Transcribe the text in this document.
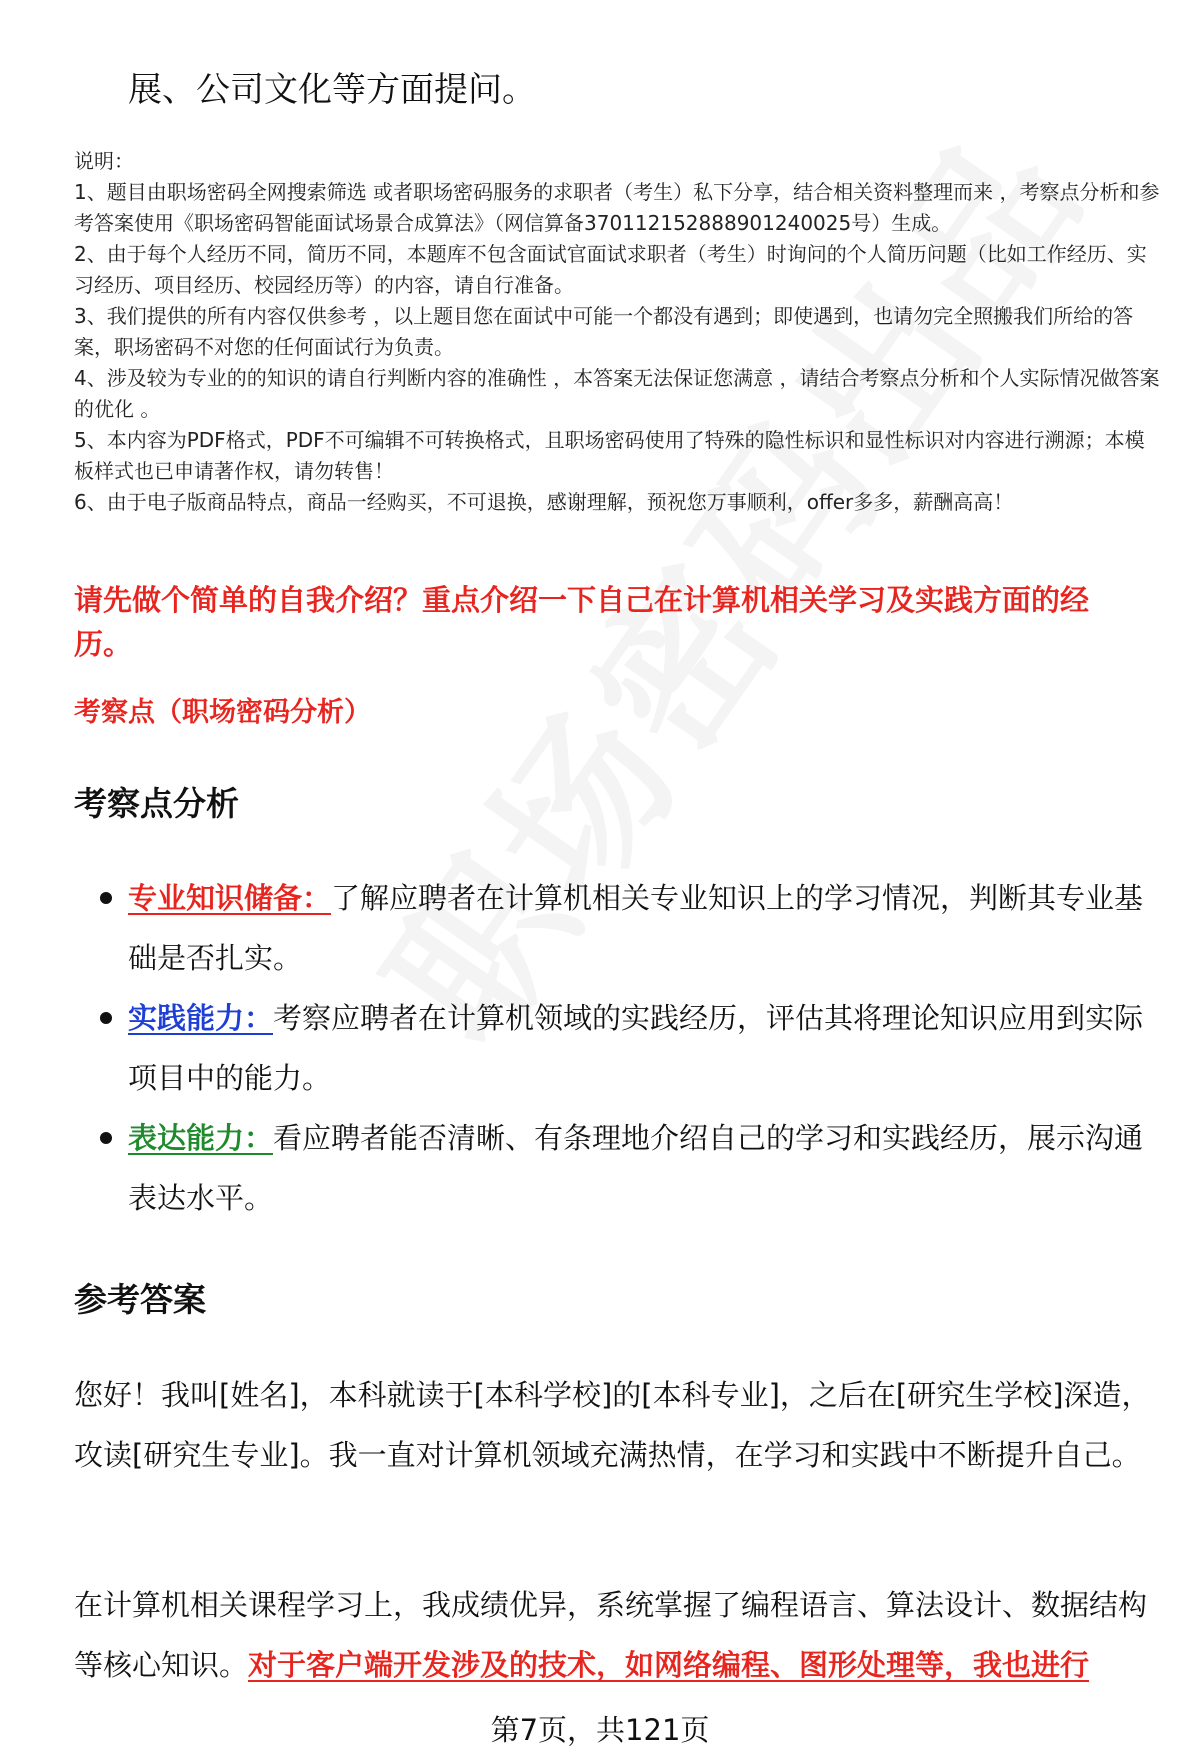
展、公司文化等方面提问。

说明：

1、题目由职场密码全网搜索筛选 或者职场密码服务的求职者（考生）私下分享，结合相关资料整理而来 ，考察点分析和参考答案使用《职场密码智能面试场景合成算法》（网信算备370112152888901240025号）生成。

2、由于每个人经历不同，简历不同，本题库不包含面试官面试求职者（考生）时询问的个人简历问题（比如工作经历、实习经历、项目经历、校园经历等）的内容，请自行准备。

3、我们提供的所有内容仅供参考 ，以上题目您在面试中可能一个都没有遇到；即使遇到，也请勿完全照搬我们所给的答案，职场密码不对您的任何面试行为负责。

4、涉及较为专业的的知识的请自行判断内容的准确性 ，本答案无法保证您满意 ，请结合考察点分析和个人实际情况做答案的优化 。

5、本内容为PDF格式，PDF不可编辑不可转换格式，且职场密码使用了特殊的隐性标识和显性标识对内容进行溯源；本模板样式也已申请著作权，请勿转售！

6、由于电子版商品特点，商品一经购买，不可退换，感谢理解，预祝您万事顺利，offer多多，薪酬高高！

请先做个简单的自我介绍？重点介绍一下自己在计算机相关学习及实践方面的经历。
考察点（职场密码分析）
考察点分析
专业知识储备：了解应聘者在计算机相关专业知识上的学习情况，判断其专业基础是否扎实。
实践能力：考察应聘者在计算机领域的实践经历，评估其将理论知识应用到实际项目中的能力。
表达能力：看应聘者能否清晰、有条理地介绍自己的学习和实践经历，展示沟通表达水平。
参考答案
您好！我叫[姓名]，本科就读于[本科学校]的[本科专业]，之后在[研究生学校]深造，攻读[研究生专业]。我一直对计算机领域充满热情，在学习和实践中不断提升自己。
在计算机相关课程学习上，我成绩优异，系统掌握了编程语言、算法设计、数据结构等核心知识。对于客户端开发涉及的技术，如网络编程、图形处理等，我也进行
第7页，共121页
